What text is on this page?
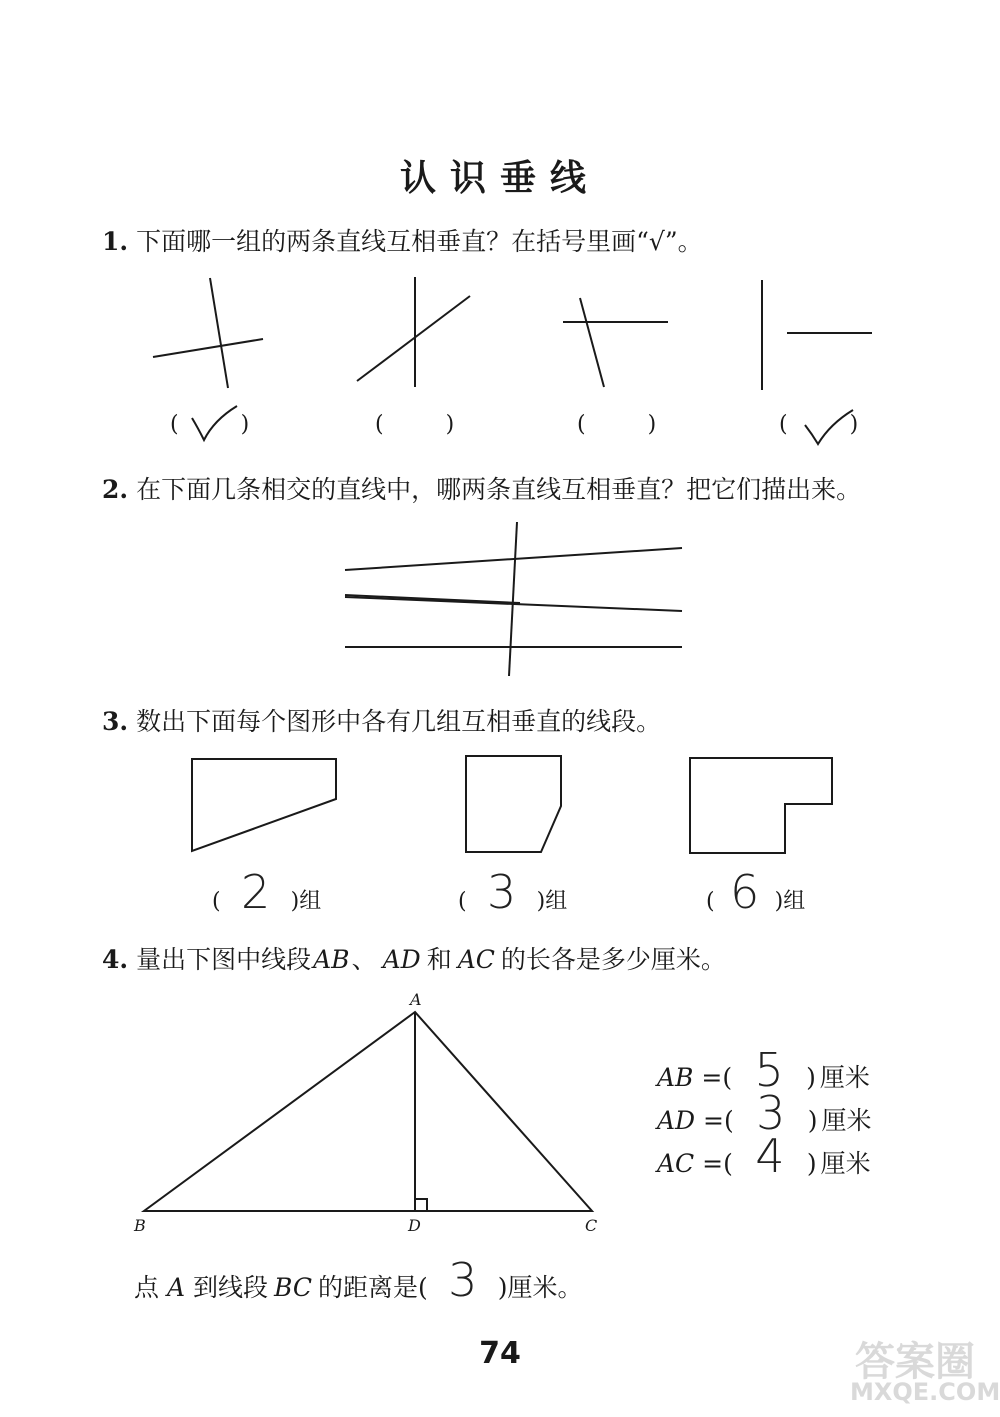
认识垂线
1. 下面哪一组的两条直线互相垂直？在括号里画“√”。
(	)	(	)	(	)	(	)
2. 在下面几条相交的直线中，哪两条直线互相垂直？把它们描出来。
3. 数出下面每个图形中各有几组互相垂直的线段。
( 2 )组	( 3 )组	( 6 )组
4. 量出下图中线段AB、 AD 和 AC 的长各是多少厘米。
A
B	C
D
AB =( 5 ) 厘米
AD =( 3 ) 厘米
AC =( 4 ) 厘米
点 A 到线段 BC 的距离是( 3 )厘米。
74	答案圈
MXQE.COM
